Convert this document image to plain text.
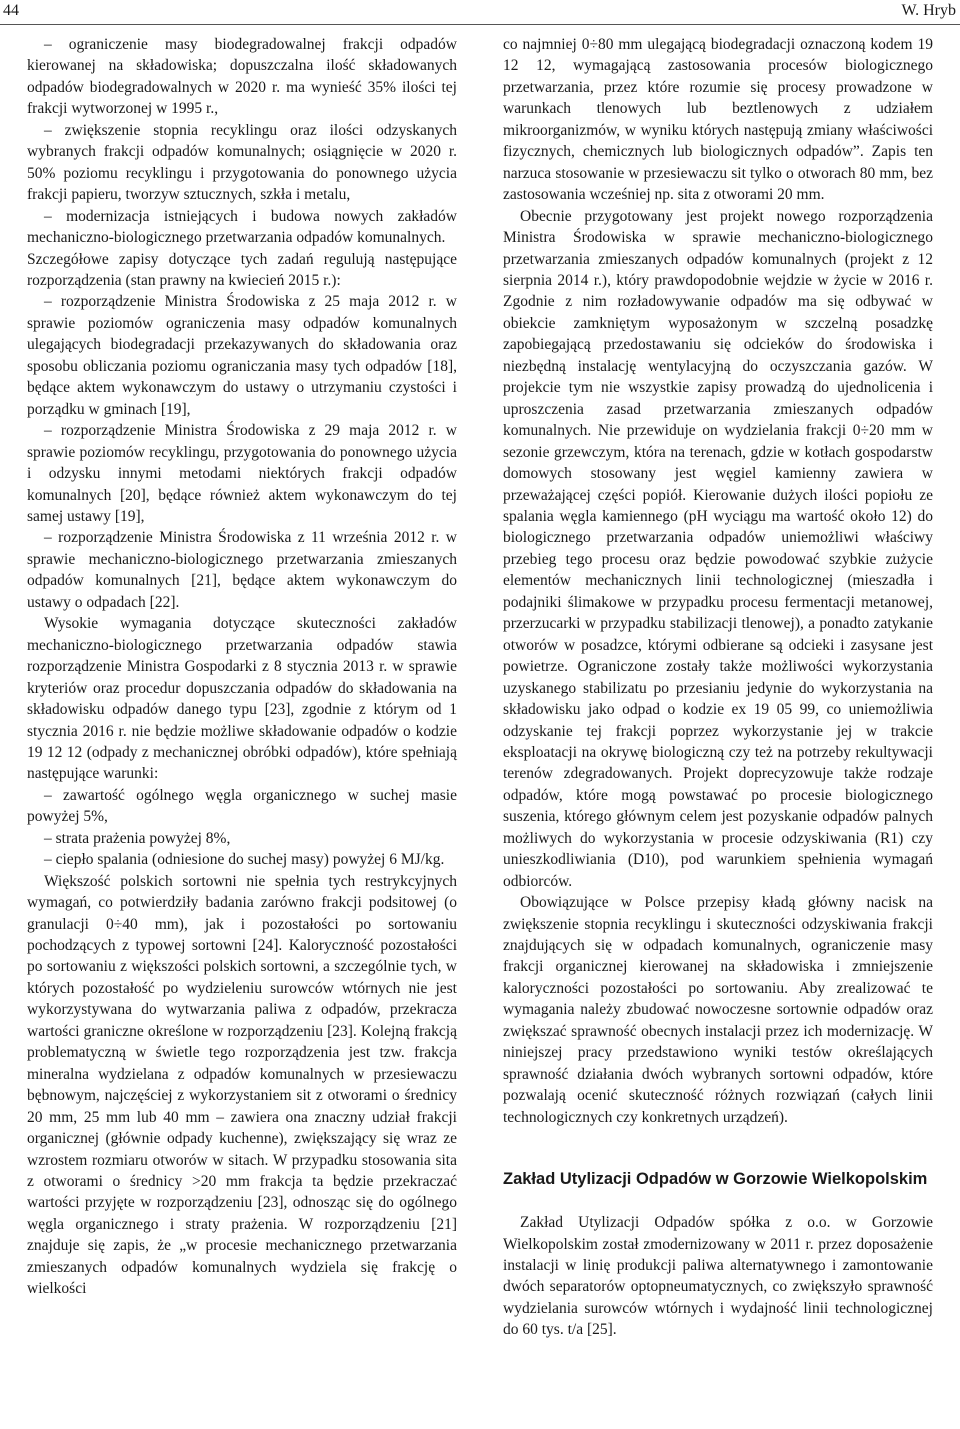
44	W. Hryb

– ograniczenie masy biodegradowalnej frakcji odpadów kierowanej na składowiska; dopuszczalna ilość składowanych odpadów biodegradowalnych w 2020 r. ma wynieść 35% ilości tej frakcji wytworzonej w 1995 r.,

– zwiększenie stopnia recyklingu oraz ilości odzyskanych wybranych frakcji odpadów komunalnych; osiągnięcie w 2020 r. 50% poziomu recyklingu i przygotowania do ponownego użycia frakcji papieru, tworzyw sztucznych, szkła i metalu,

– modernizacja istniejących i budowa nowych zakładów mechaniczno-biologicznego przetwarzania odpadów komunalnych.

Szczegółowe zapisy dotyczące tych zadań regulują następujące rozporządzenia (stan prawny na kwiecień 2015 r.):

– rozporządzenie Ministra Środowiska z 25 maja 2012 r. w sprawie poziomów ograniczenia masy odpadów komunalnych ulegających biodegradacji przekazywanych do składowania oraz sposobu obliczania poziomu ograniczania masy tych odpadów [18], będące aktem wykonawczym do ustawy o utrzymaniu czystości i porządku w gminach [19],

– rozporządzenie Ministra Środowiska z 29 maja 2012 r. w sprawie poziomów recyklingu, przygotowania do ponownego użycia i odzysku innymi metodami niektórych frakcji odpadów komunalnych [20], będące również aktem wykonawczym do tej samej ustawy [19],

– rozporządzenie Ministra Środowiska z 11 września 2012 r. w sprawie mechaniczno-biologicznego przetwarzania zmieszanych odpadów komunalnych [21], będące aktem wykonawczym do ustawy o odpadach [22].

Wysokie wymagania dotyczące skuteczności zakładów mechaniczno-biologicznego przetwarzania odpadów stawia rozporządzenie Ministra Gospodarki z 8 stycznia 2013 r. w sprawie kryteriów oraz procedur dopuszczania odpadów do składowania na składowisku odpadów danego typu [23], zgodnie z którym od 1 stycznia 2016 r. nie będzie możliwe składowanie odpadów o kodzie 19 12 12 (odpady z mechanicznej obróbki odpadów), które spełniają następujące warunki:

– zawartość ogólnego węgla organicznego w suchej masie powyżej 5%,

– strata prażenia powyżej 8%,

– ciepło spalania (odniesione do suchej masy) powyżej 6 MJ/kg.

Większość polskich sortowni nie spełnia tych restrykcyjnych wymagań, co potwierdziły badania zarówno frakcji podsitowej (o granulacji 0÷40 mm), jak i pozostałości po sortowaniu pochodzących z typowej sortowni [24]. Kaloryczność pozostałości po sortowaniu z większości polskich sortowni, a szczególnie tych, w których pozostałość po wydzieleniu surowców wtórnych nie jest wykorzystywana do wytwarzania paliwa z odpadów, przekracza wartości graniczne określone w rozporządzeniu [23]. Kolejną frakcją problematyczną w świetle tego rozporządzenia jest tzw. frakcja mineralna wydzielana z odpadów komunalnych w przesiewaczu bębnowym, najczęściej z wykorzystaniem sit z otworami o średnicy 20 mm, 25 mm lub 40 mm – zawiera ona znaczny udział frakcji organicznej (głównie odpady kuchenne), zwiększający się wraz ze wzrostem rozmiaru otworów w sitach. W przypadku stosowania sita z otworami o średnicy >20 mm frakcja ta będzie przekraczać wartości przyjęte w rozporządzeniu [23], odnosząc się do ogólnego węgla organicznego i straty prażenia. W rozporządzeniu [21] znajduje się zapis, że „w procesie mechanicznego przetwarzania zmieszanych odpadów komunalnych wydziela się frakcję o wielkości

co najmniej 0÷80 mm ulegającą biodegradacji oznaczoną kodem 19 12 12, wymagającą zastosowania procesów biologicznego przetwarzania, przez które rozumie się procesy prowadzone w warunkach tlenowych lub beztlenowych z udziałem mikroorganizmów, w wyniku których następują zmiany właściwości fizycznych, chemicznych lub biologicznych odpadów”. Zapis ten narzuca stosowanie w przesiewaczu sit tylko o otworach 80 mm, bez zastosowania wcześniej np. sita z otworami 20 mm.

Obecnie przygotowany jest projekt nowego rozporządzenia Ministra Środowiska w sprawie mechaniczno-biologicznego przetwarzania zmieszanych odpadów komunalnych (projekt z 12 sierpnia 2014 r.), który prawdopodobnie wejdzie w życie w 2016 r. Zgodnie z nim rozładowywanie odpadów ma się odbywać w obiekcie zamkniętym wyposażonym w szczelną posadzkę zapobiegającą przedostawaniu się odcieków do środowiska i niezbędną instalację wentylacyjną do oczyszczania gazów. W projekcie tym nie wszystkie zapisy prowadzą do ujednolicenia i uproszczenia zasad przetwarzania zmieszanych odpadów komunalnych. Nie przewiduje on wydzielania frakcji 0÷20 mm w sezonie grzewczym, która na terenach, gdzie w kotłach gospodarstw domowych stosowany jest węgiel kamienny zawiera w przeważającej części popiół. Kierowanie dużych ilości popiołu ze spalania węgla kamiennego (pH wyciągu ma wartość około 12) do biologicznego przetwarzania odpadów uniemożliwi właściwy przebieg tego procesu oraz będzie powodować szybkie zużycie elementów mechanicznych linii technologicznej (mieszadła i podajniki ślimakowe w przypadku procesu fermentacji metanowej, przerzucarki w przypadku stabilizacji tlenowej), a ponadto zatykanie otworów w posadzce, którymi odbierane są odcieki i zasysane jest powietrze. Ograniczone zostały także możliwości wykorzystania uzyskanego stabilizatu po przesianiu jedynie do wykorzystania na składowisku jako odpad o kodzie ex 19 05 99, co uniemożliwia odzyskanie tej frakcji poprzez wykorzystanie jej w trakcie eksploatacji na okrywę biologiczną czy też na potrzeby rekultywacji terenów zdegradowanych. Projekt doprecyzowuje także rodzaje odpadów, które mogą powstawać po procesie biologicznego suszenia, którego głównym celem jest pozyskanie odpadów palnych możliwych do wykorzystania w procesie odzyskiwania (R1) czy unieszkodliwiania (D10), pod warunkiem spełnienia wymagań odbiorców.

Obowiązujące w Polsce przepisy kładą główny nacisk na zwiększenie stopnia recyklingu i skuteczności odzyskiwania frakcji znajdujących się w odpadach komunalnych, ograniczenie masy frakcji organicznej kierowanej na składowiska i zmniejszenie kaloryczności pozostałości po sortowaniu. Aby zrealizować te wymagania należy zbudować nowoczesne sortownie odpadów oraz zwiększać sprawność obecnych instalacji przez ich modernizację. W niniejszej pracy przedstawiono wyniki testów określających sprawność działania dwóch wybranych sortowni odpadów, które pozwalają ocenić skuteczność różnych rozwiązań (całych linii technologicznych czy konkretnych urządzeń).

Zakład Utylizacji Odpadów w Gorzowie Wielkopolskim

Zakład Utylizacji Odpadów spółka z o.o. w Gorzowie Wielkopolskim został zmodernizowany w 2011 r. przez doposażenie instalacji w linię produkcji paliwa alternatywnego i zamontowanie dwóch separatorów optopneumatycznych, co zwiększyło sprawność wydzielania surowców wtórnych i wydajność linii technologicznej do 60 tys. t/a [25].
